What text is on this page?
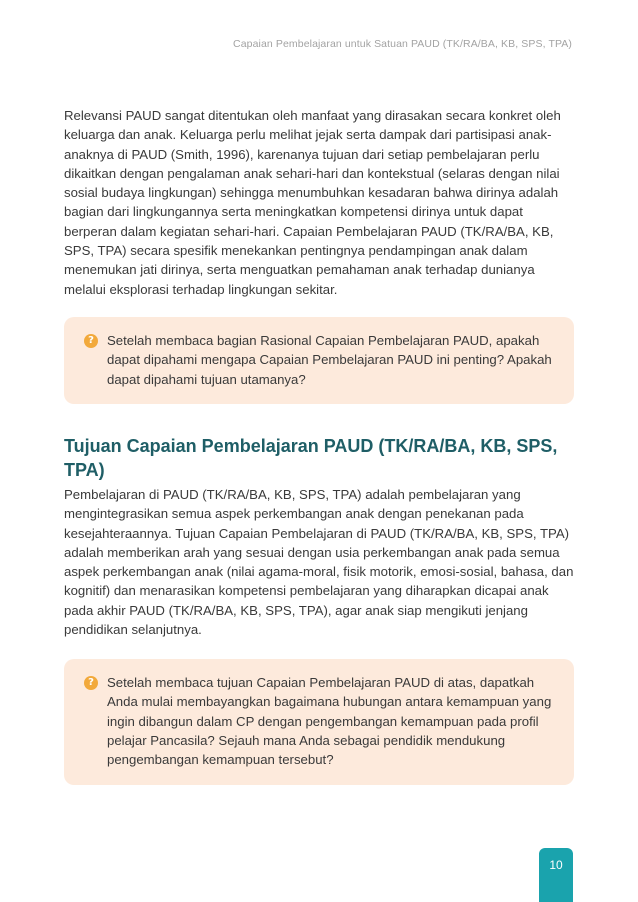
Capaian Pembelajaran untuk Satuan PAUD (TK/RA/BA, KB, SPS, TPA)

Relevansi PAUD sangat ditentukan oleh manfaat yang dirasakan secara konkret oleh keluarga dan anak. Keluarga perlu melihat jejak serta dampak dari partisipasi anak-anaknya di PAUD (Smith, 1996), karenanya tujuan dari setiap pembelajaran perlu dikaitkan dengan pengalaman anak sehari-hari dan kontekstual (selaras dengan nilai sosial budaya lingkungan) sehingga menumbuhkan kesadaran bahwa dirinya adalah bagian dari lingkungannya serta meningkatkan kompetensi dirinya untuk dapat berperan dalam kegiatan sehari-hari. Capaian Pembelajaran PAUD (TK/RA/BA, KB, SPS, TPA) secara spesifik menekankan pentingnya pendampingan anak dalam menemukan jati dirinya, serta menguatkan pemahaman anak terhadap dunianya melalui eksplorasi terhadap lingkungan sekitar.

? Setelah membaca bagian Rasional Capaian Pembelajaran PAUD, apakah dapat dipahami mengapa Capaian Pembelajaran PAUD ini penting? Apakah dapat dipahami tujuan utamanya?

Tujuan Capaian Pembelajaran PAUD (TK/RA/BA, KB, SPS, TPA)

Pembelajaran di PAUD (TK/RA/BA, KB, SPS, TPA) adalah pembelajaran yang mengintegrasikan semua aspek perkembangan anak dengan penekanan pada kesejahteraannya. Tujuan Capaian Pembelajaran di PAUD (TK/RA/BA, KB, SPS, TPA) adalah memberikan arah yang sesuai dengan usia perkembangan anak pada semua aspek perkembangan anak (nilai agama-moral, fisik motorik, emosi-sosial, bahasa, dan kognitif) dan menarasikan kompetensi pembelajaran yang diharapkan dicapai anak pada akhir PAUD (TK/RA/BA, KB, SPS, TPA), agar anak siap mengikuti jenjang pendidikan selanjutnya.

? Setelah membaca tujuan Capaian Pembelajaran PAUD di atas, dapatkah Anda mulai membayangkan bagaimana hubungan antara kemampuan yang ingin dibangun dalam CP dengan pengembangan kemampuan pada profil pelajar Pancasila? Sejauh mana Anda sebagai pendidik mendukung pengembangan kemampuan tersebut?

10
